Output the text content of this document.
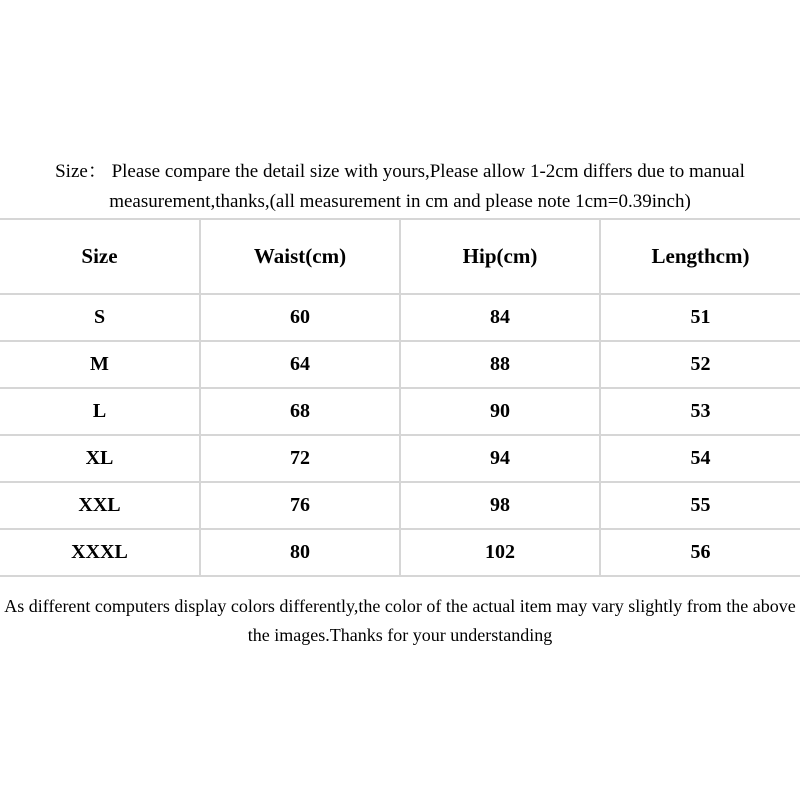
Size： Please compare the detail size with yours,Please allow 1-2cm differs due to manual
measurement,thanks,(all measurement in cm and please note 1cm=0.39inch)
Size	Waist(cm)	Hip(cm)	Lengthcm)
S	60	84	51
M	64	88	52
L	68	90	53
XL	72	94	54
XXL	76	98	55
XXXL	80	102	56
As different computers display colors differently,the color of the actual item may vary slightly from the above
the images.Thanks for your understanding
